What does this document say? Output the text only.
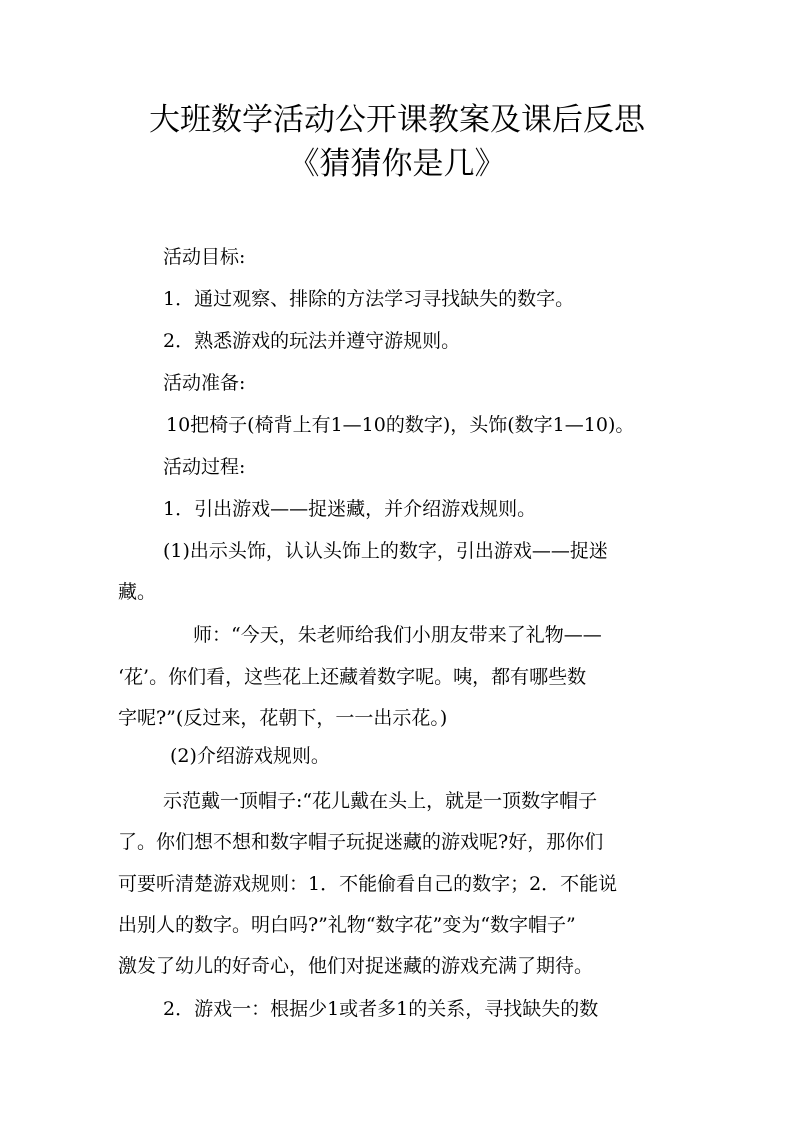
大班数学活动公开课教案及课后反思
《猜猜你是几》
活动目标:
1．通过观察、排除的方法学习寻找缺失的数字。
2．熟悉游戏的玩法并遵守游规则。
活动准备:
10把椅子(椅背上有1—10的数字)，头饰(数字1—10)。
活动过程:
1．引出游戏——捉迷藏，并介绍游戏规则。
(1)出示头饰，认认头饰上的数字，引出游戏——捉迷
藏。
师：“今天，朱老师给我们小朋友带来了礼物——
‘花’。你们看，这些花上还藏着数字呢。咦，都有哪些数
字呢?”(反过来，花朝下，一一出示花。)
(2)介绍游戏规则。
示范戴一顶帽子:“花儿戴在头上，就是一顶数字帽子
了。你们想不想和数字帽子玩捉迷藏的游戏呢?好，那你们
可要听清楚游戏规则：1．不能偷看自己的数字；2．不能说
出别人的数字。明白吗?”礼物“数字花”变为“数字帽子”
激发了幼儿的好奇心，他们对捉迷藏的游戏充满了期待。
2．游戏一：根据少1或者多1的关系，寻找缺失的数
